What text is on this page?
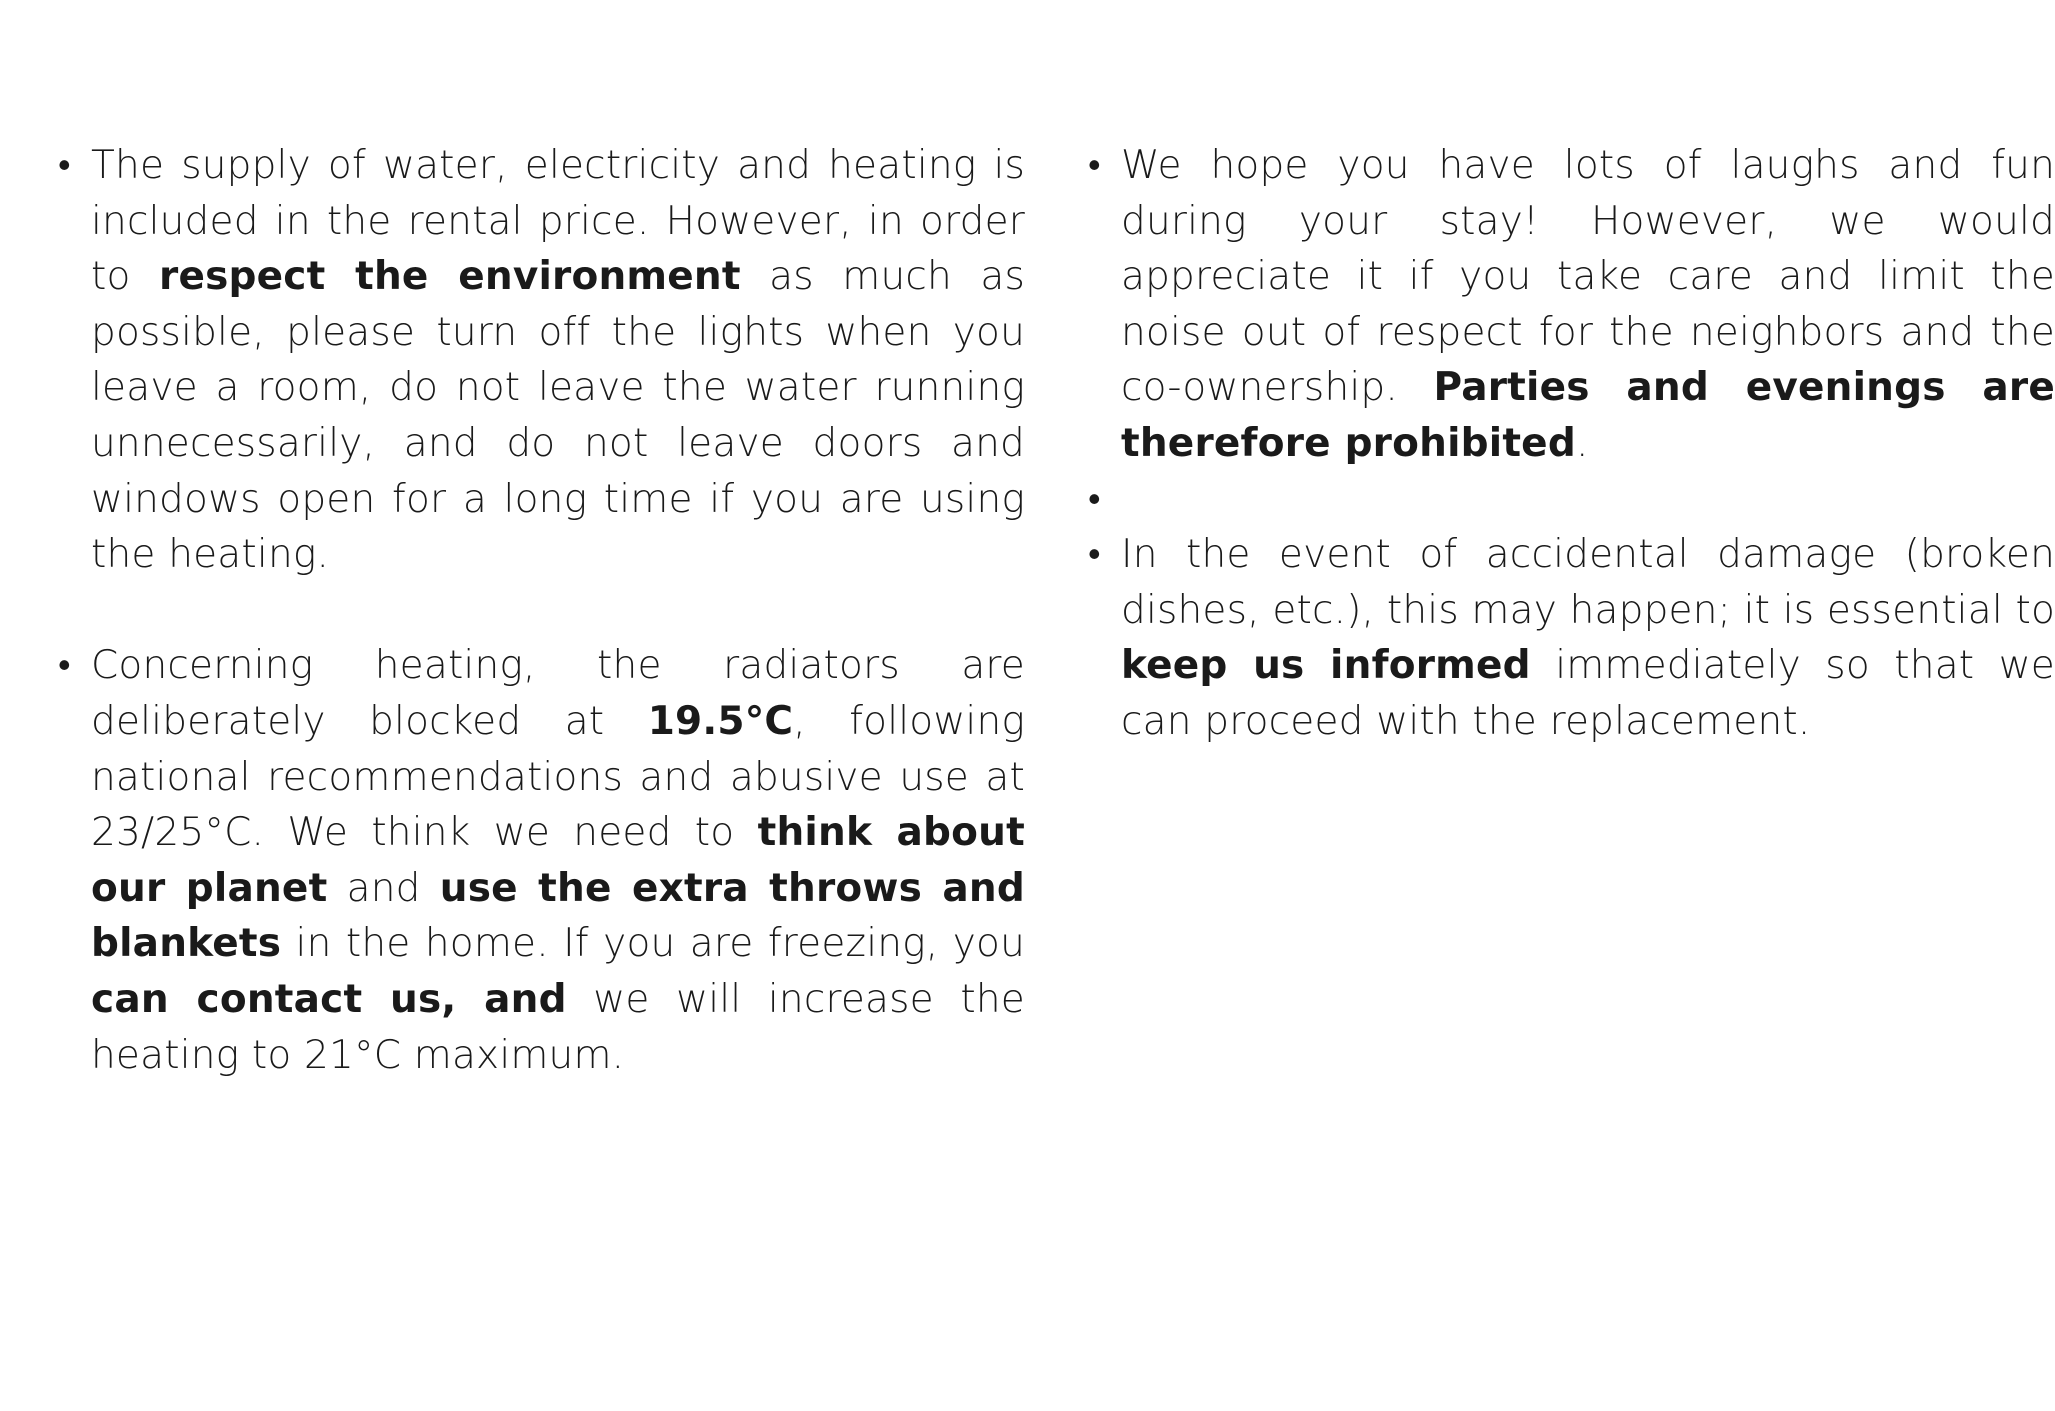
• The supply of water, electricity and heating is included in the rental price. However, in order to respect the environment as much as possible, please turn off the lights when you leave a room, do not leave the water running unnecessarily, and do not leave doors and windows open for a long time if you are using the heating.
• Concerning heating, the radiators are deliberately blocked at 19.5°C, following national recommendations and abusive use at 23/25°C. We think we need to think about our planet and use the extra throws and blankets in the home. If you are freezing, you can contact us, and we will increase the heating to 21°C maximum.
• We hope you have lots of laughs and fun during your stay! However, we would appreciate it if you take care and limit the noise out of respect for the neighbors and the co-ownership. Parties and evenings are therefore prohibited.
•
• In the event of accidental damage (broken dishes, etc.), this may happen; it is essential to keep us informed immediately so that we can proceed with the replacement.
